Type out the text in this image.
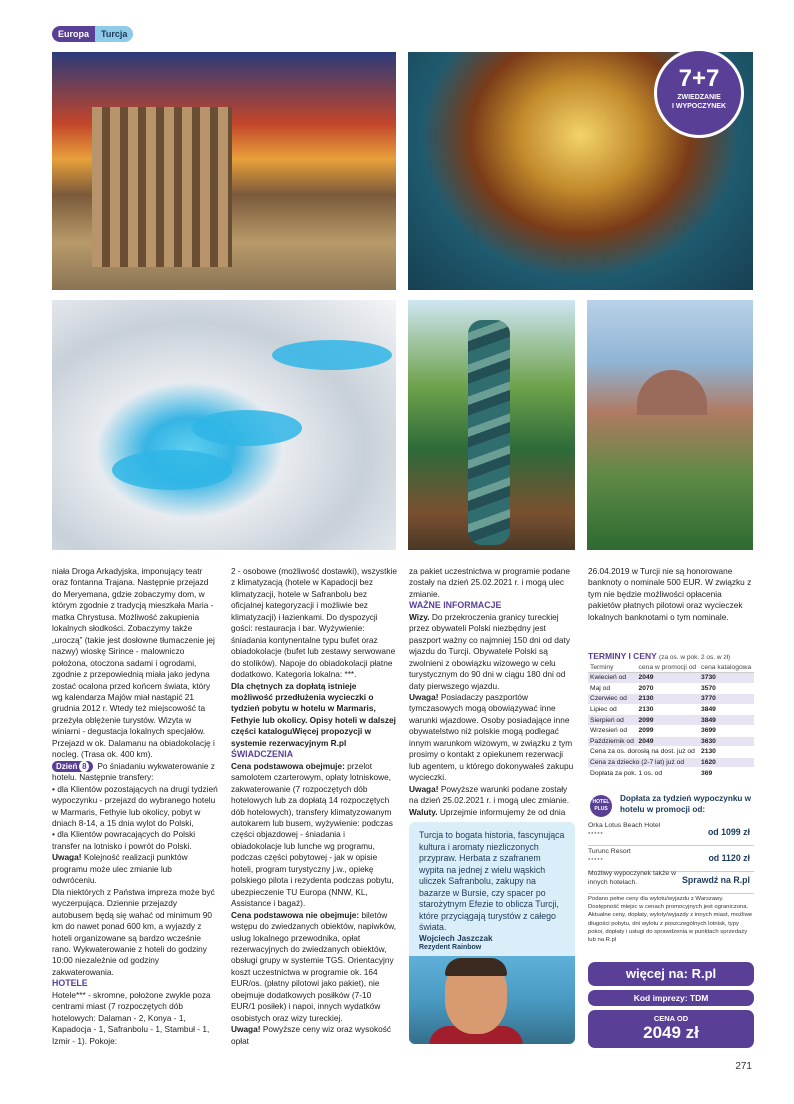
Europa	Turcja
7+7
ZWIEDZANIE
I WYPOCZYNEK

niała Droga Arkadyjska, imponujący teatr oraz fontanna Trajana. Następnie przejazd do Meryemana, gdzie zobaczymy dom, w którym zgodnie z tradycją mieszkała Maria - matka Chrystusa. Możliwość zakupienia lokalnych słodkości. Zobaczymy także „uroczą” (takie jest dosłowne tłumaczenie jej nazwy) wioskę Sirince - malowniczo położona, otoczona sadami i ogrodami, zgodnie z przepowiednią miała jako jedyna zostać ocalona przed końcem świata, który wg kalendarza Majów miał nastąpić 21 grudnia 2012 r. Wtedy też miejscowość ta przeżyła oblężenie turystów. Wizyta w winiarni - degustacja lokalnych specjałów. Przejazd w ok. Dalamanu na obiadokolację i nocleg. (Trasa ok. 400 km).

Dzień 8 Po śniadaniu wykwaterowanie z hotelu. Następnie transfery:

• dla Klientów pozostających na drugi tydzień wypoczynku - przejazd do wybranego hotelu w Marmaris, Fethyie lub okolicy, pobyt w dniach 8-14, a 15 dnia wylot do Polski,

• dla Klientów powracających do Polski transfer na lotnisko i powrót do Polski.

Uwaga! Kolejność realizacji punktów programu może ulec zmianie lub odwróceniu.

Dla niektórych z Państwa impreza może być wyczerpująca. Dziennie przejazdy autobusem będą się wahać od minimum 90 km do nawet ponad 600 km, a wyjazdy z hoteli organizowane są bardzo wcześnie rano. Wykwaterowanie z hoteli do godziny 10:00 niezależnie od godziny zakwaterowania.

HOTELE

Hotele*** - skromne, położone zwykle poza centrami miast (7 rozpoczętych dób hotelowych: Dalaman - 2, Konya - 1, Kapadocja - 1, Safranbolu - 1, Stambuł - 1, Izmir - 1). Pokoje:

2 - osobowe (możliwość dostawki), wszystkie z klimatyzacją (hotele w Kapadocji bez klimatyzacji, hotele w Safranbolu bez oficjalnej kategoryzacji i możliwie bez klimatyzacji) i łazienkami. Do dyspozycji gości: restauracja i bar. Wyżywienie: śniadania kontynentalne typu bufet oraz obiadokolacje (bufet lub zestawy serwowane do stolików). Napoje do obiadokolacji płatne dodatkowo. Kategoria lokalna: ***.

Dla chętnych za dopłatą istnieje możliwość przedłużenia wycieczki o tydzień pobytu w hotelu w Marmaris, Fethyie lub okolicy. Opisy hoteli w dalszej części kataloguWięcej propozycji w systemie rezerwacyjnym R.pl

ŚWIADCZENIA

Cena podstawowa obejmuje: przelot samolotem czarterowym, opłaty lotniskowe, zakwaterowanie (7 rozpoczętych dób hotelowych lub za dopłatą 14 rozpoczętych dób hotelowych), transfery klimatyzowanym autokarem lub busem, wyżywienie: podczas części objazdowej - śniadania i obiadokolacje lub lunche wg programu, podczas części pobytowej - jak w opisie hoteli, program turystyczny j.w., opiekę polskiego pilota i rezydenta podczas pobytu, ubezpieczenie TU Europa (NNW, KL, Assistance i bagaż).

Cena podstawowa nie obejmuje: biletów wstępu do zwiedzanych obiektów, napiwków, usług lokalnego przewodnika, opłat rezerwacyjnych do zwiedzanych obiektów, obsługi grupy w systemie TGS. Orientacyjny koszt uczestnictwa w programie ok. 164 EUR/os. (płatny pilotowi jako pakiet), nie obejmuje dodatkowych posiłków (7-10 EUR/1 posiłek) i napoi, innych wydatków osobistych oraz wizy tureckiej.

Uwaga! Powyższe ceny wiz oraz wysokość opłat

za pakiet uczestnictwa w programie podane zostały na dzień 25.02.2021 r. i mogą ulec zmianie.

WAŻNE INFORMACJE

Wizy. Do przekroczenia granicy tureckiej przez obywateli Polski niezbędny jest paszport ważny co najmniej 150 dni od daty wjazdu do Turcji. Obywatele Polski są zwolnieni z obowiązku wizowego w celu turystycznym do 90 dni w ciągu 180 dni od daty pierwszego wjazdu.

Uwaga! Posiadaczy paszportów tymczasowych mogą obowiązywać inne warunki wjazdowe. Osoby posiadające inne obywatelstwo niż polskie mogą podlegać innym warunkom wizowym, w związku z tym prosimy o kontakt z opiekunem rezerwacji lub agentem, u którego dokonywałeś zakupu wycieczki.

Uwaga! Powyższe warunki podane zostały na dzień 25.02.2021 r. i mogą ulec zmianie.

Waluty. Uprzejmie informujemy że od dnia

Turcja to bogata historia, fascynująca kultura i aromaty niezliczonych przypraw. Herbata z szafranem wypita na jednej z wielu wąskich uliczek Safranbolu, zakupy na bazarze w Bursie, czy spacer po starożytnym Efezie to oblicza Turcji, które przyciągają turystów z całego świata.
Wojciech Jaszczak
Rezydent Rainbow

26.04.2019 w Turcji nie są honorowane banknoty o nominale 500 EUR. W związku z tym nie będzie możliwości opłacenia pakietów płatnych pilotowi oraz wycieczek lokalnych banknotami o tym nominale.

TERMINY I CENY (za os. w pok. 2 os. w zł)
Terminy	cena w promocji od	cena katalogowa
Kwiecień od	2049	3730
Maj od	2070	3570
Czerwiec od	2130	3770
Lipiec od	2130	3849
Sierpień od	2099	3849
Wrzesień od	2099	3699
Październik od	2049	3630
Cena za os. dorosłą na dost. już od		2130
Cena za dziecko (2-7 lat) już od		1620
Dopłata za pok. 1 os. od		369
HOTEL
PLUS
Dopłata za tydzień wypoczynku w hotelu w promocji od:
Orka Lotus Beach Hotel
*****	od 1099 zł
Turunc Resort
*****	od 1120 zł
Możliwy wypoczynek także w innych hotelach.	Sprawdź na R.pl
Podano pełne ceny dla wylotu/wyjazdu z Warszawy. Dostępność miejsc w cenach promocyjnych jest ograniczona. Aktualne ceny, dopłaty, wyloty/wyjazdy z innych miast, możliwe długości pobytu, dni wylotu z poszczególnych lotnisk, typy pokoi, dopłaty i usługi do sprawdzenia w punktach sprzedaży lub na R.pl
więcej na: R.pl
Kod imprezy: TDM
CENA OD
2049 zł
271
